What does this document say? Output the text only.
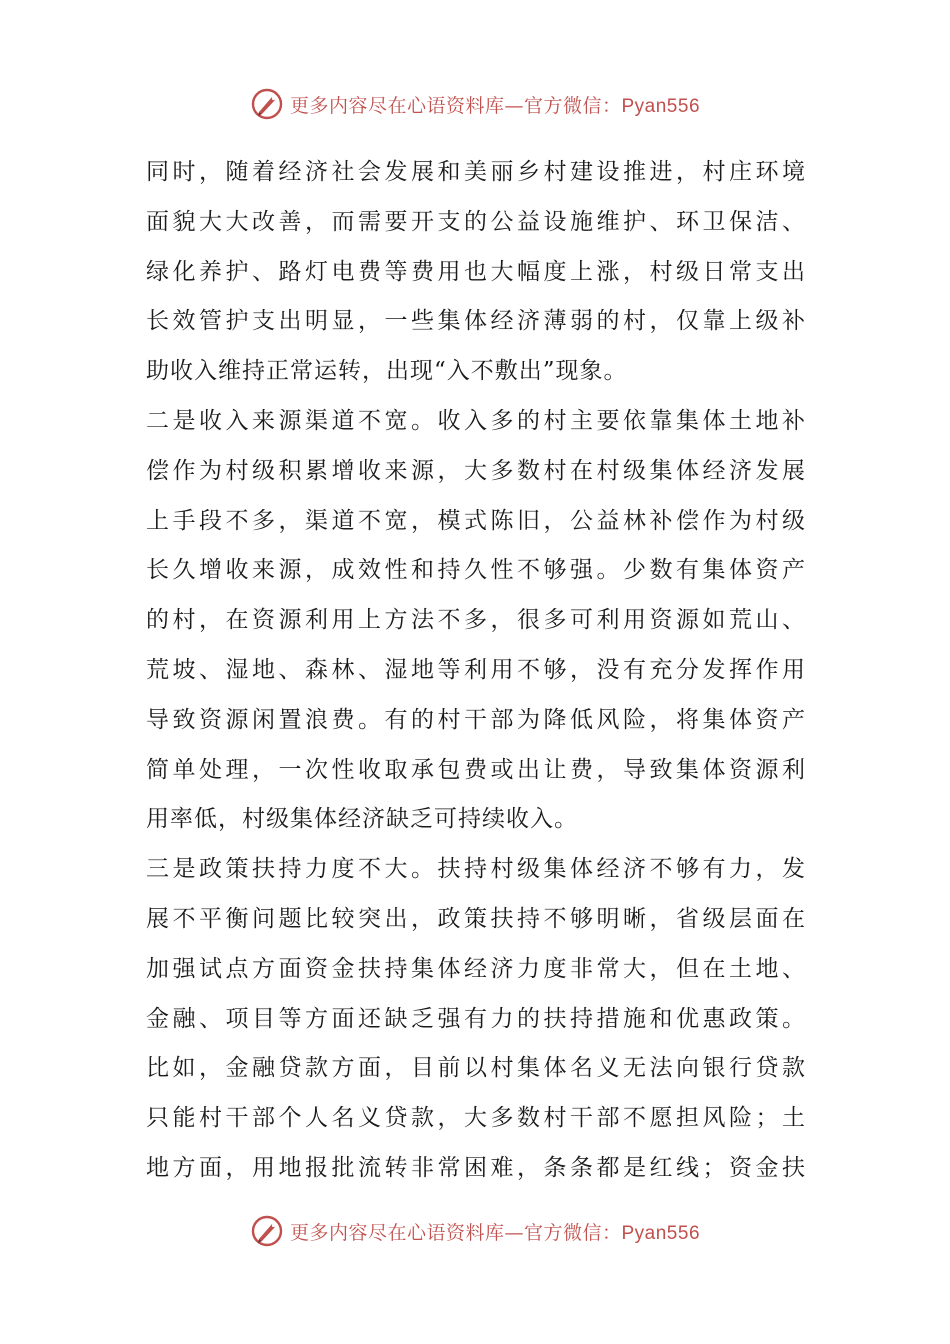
更多内容尽在心语资料库—官方微信：Pyan556
同时，随着经济社会发展和美丽乡村建设推进，村庄环境
面貌大大改善，而需要开支的公益设施维护、环卫保洁、
绿化养护、路灯电费等费用也大幅度上涨，村级日常支出
长效管护支出明显，一些集体经济薄弱的村，仅靠上级补
助收入维持正常运转，出现“入不敷出”现象。
二是收入来源渠道不宽。收入多的村主要依靠集体土地补
偿作为村级积累增收来源，大多数村在村级集体经济发展
上手段不多，渠道不宽，模式陈旧，公益林补偿作为村级
长久增收来源，成效性和持久性不够强。少数有集体资产
的村，在资源利用上方法不多，很多可利用资源如荒山、
荒坡、湿地、森林、湿地等利用不够，没有充分发挥作用
导致资源闲置浪费。有的村干部为降低风险，将集体资产
简单处理，一次性收取承包费或出让费，导致集体资源利
用率低，村级集体经济缺乏可持续收入。
三是政策扶持力度不大。扶持村级集体经济不够有力，发
展不平衡问题比较突出，政策扶持不够明晰，省级层面在
加强试点方面资金扶持集体经济力度非常大，但在土地、
金融、项目等方面还缺乏强有力的扶持措施和优惠政策。
比如，金融贷款方面，目前以村集体名义无法向银行贷款
只能村干部个人名义贷款，大多数村干部不愿担风险；土
地方面，用地报批流转非常困难，条条都是红线；资金扶
更多内容尽在心语资料库—官方微信：Pyan556
